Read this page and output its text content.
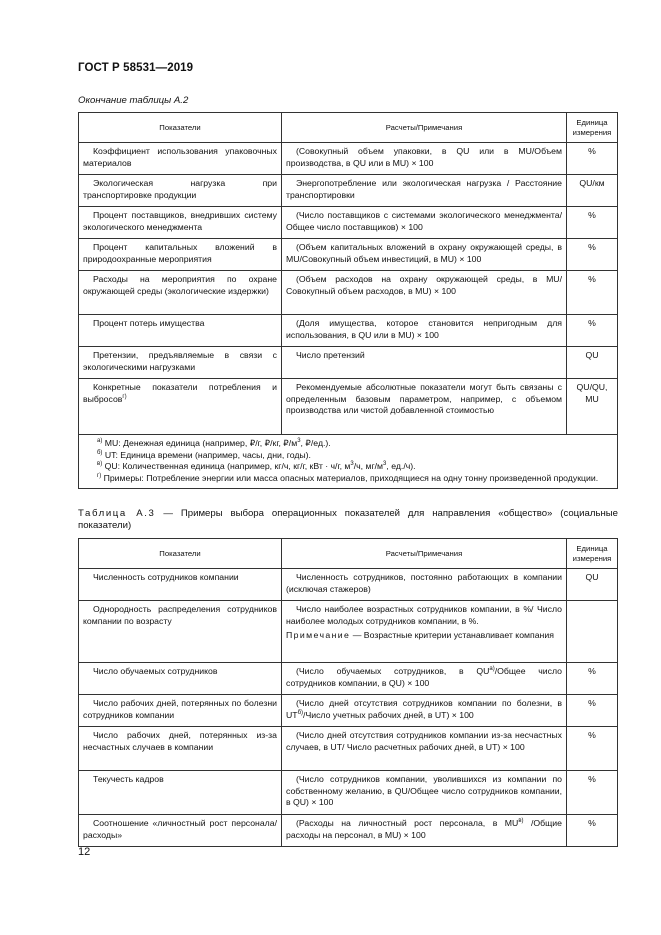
ГОСТ Р 58531—2019
Окончание таблицы А.2
Показатели	Расчеты/Примечания	Единица измерения
Коэффициент использования упаковочных материалов	(Совокупный объем упаковки, в QU или в MU/Объем производства, в QU или в MU) × 100	%
Экологическая нагрузка при транспортировке продукции	Энергопотребление или экологическая нагрузка / Расстояние транспортировки	QU/км
Процент поставщиков, внедривших систему экологического менеджмента	(Число поставщиков с системами экологического менеджмента/Общее число поставщиков) × 100	%
Процент капитальных вложений в природоохранные мероприятия	(Объем капитальных вложений в охрану окружающей среды, в MU/Совокупный объем инвестиций, в MU) × 100	%
Расходы на мероприятия по охране окружающей среды (экологические издержки)	(Объем расходов на охрану окружающей среды, в MU/ Совокупный объем расходов, в MU) × 100	%
Процент потерь имущества	(Доля имущества, которое становится непригодным для использования, в QU или в MU) × 100	%
Претензии, предъявляемые в связи с экологическими нагрузками	Число претензий	QU
Конкретные показатели потребления и выбросов$^{г)}$	Рекомендуемые абсолютные показатели могут быть связаны с определенным базовым параметром, например, с объемом производства или чистой добавленной стоимостью	QU/QU, MU

$^{а)}$ MU: Денежная единица (например, ₽/г, ₽/кг, $₽/м^3$, ₽/ед.).
$^{б)}$ UT: Единица времени (например, часы, дни, годы).
$^{в)}$ QU: Количественная единица (например, кг/ч, кг/г, кВт · ч/г, $м^3/ч$, $мг/м^3$, ед./ч).
$^{г)}$ Примеры: Потребление энергии или масса опасных материалов, приходящиеся на одну тонну произведенной продукции.		
Таблица А.3 — Примеры выбора операционных показателей для направления «общество» (социальные показатели)
Показатели	Расчеты/Примечания	Единица измерения
Численность сотрудников компании	Численность сотрудников, постоянно работающих в компании (исключая стажеров)	QU
Однородность распределения сотрудников компании по возрасту	Число наиболее возрастных сотрудников компании, в %/ Число наиболее молодых сотрудников компании, в %.
Примечание — Возрастные критерии устанавливает компания	

Число обучаемых сотрудников	(Число обучаемых сотрудников, в $QU^{а)}$/Общее число сотрудников компании, в QU) × 100	%
Число рабочих дней, потерянных по болезни сотрудников компании	(Число дней отсутствия сотрудников компании по болезни, в $UT^{б)}$/Число учетных рабочих дней, в UT) × 100	%
Число рабочих дней, потерянных из-за несчастных случаев в компании	(Число дней отсутствия сотрудников компании из-за несчастных случаев, в UT/ Число расчетных рабочих дней, в UT) × 100	%
Текучесть кадров	(Число сотрудников компании, уволившихся из компании по собственному желанию, в QU/Общее число сотрудников компании, в QU) × 100	%
Соотношение «личностный рост персонала/расходы»	(Расходы на личностный рост персонала, в $MU^{в)}$ /Общие расходы на персонал, в MU) × 100	%
12
